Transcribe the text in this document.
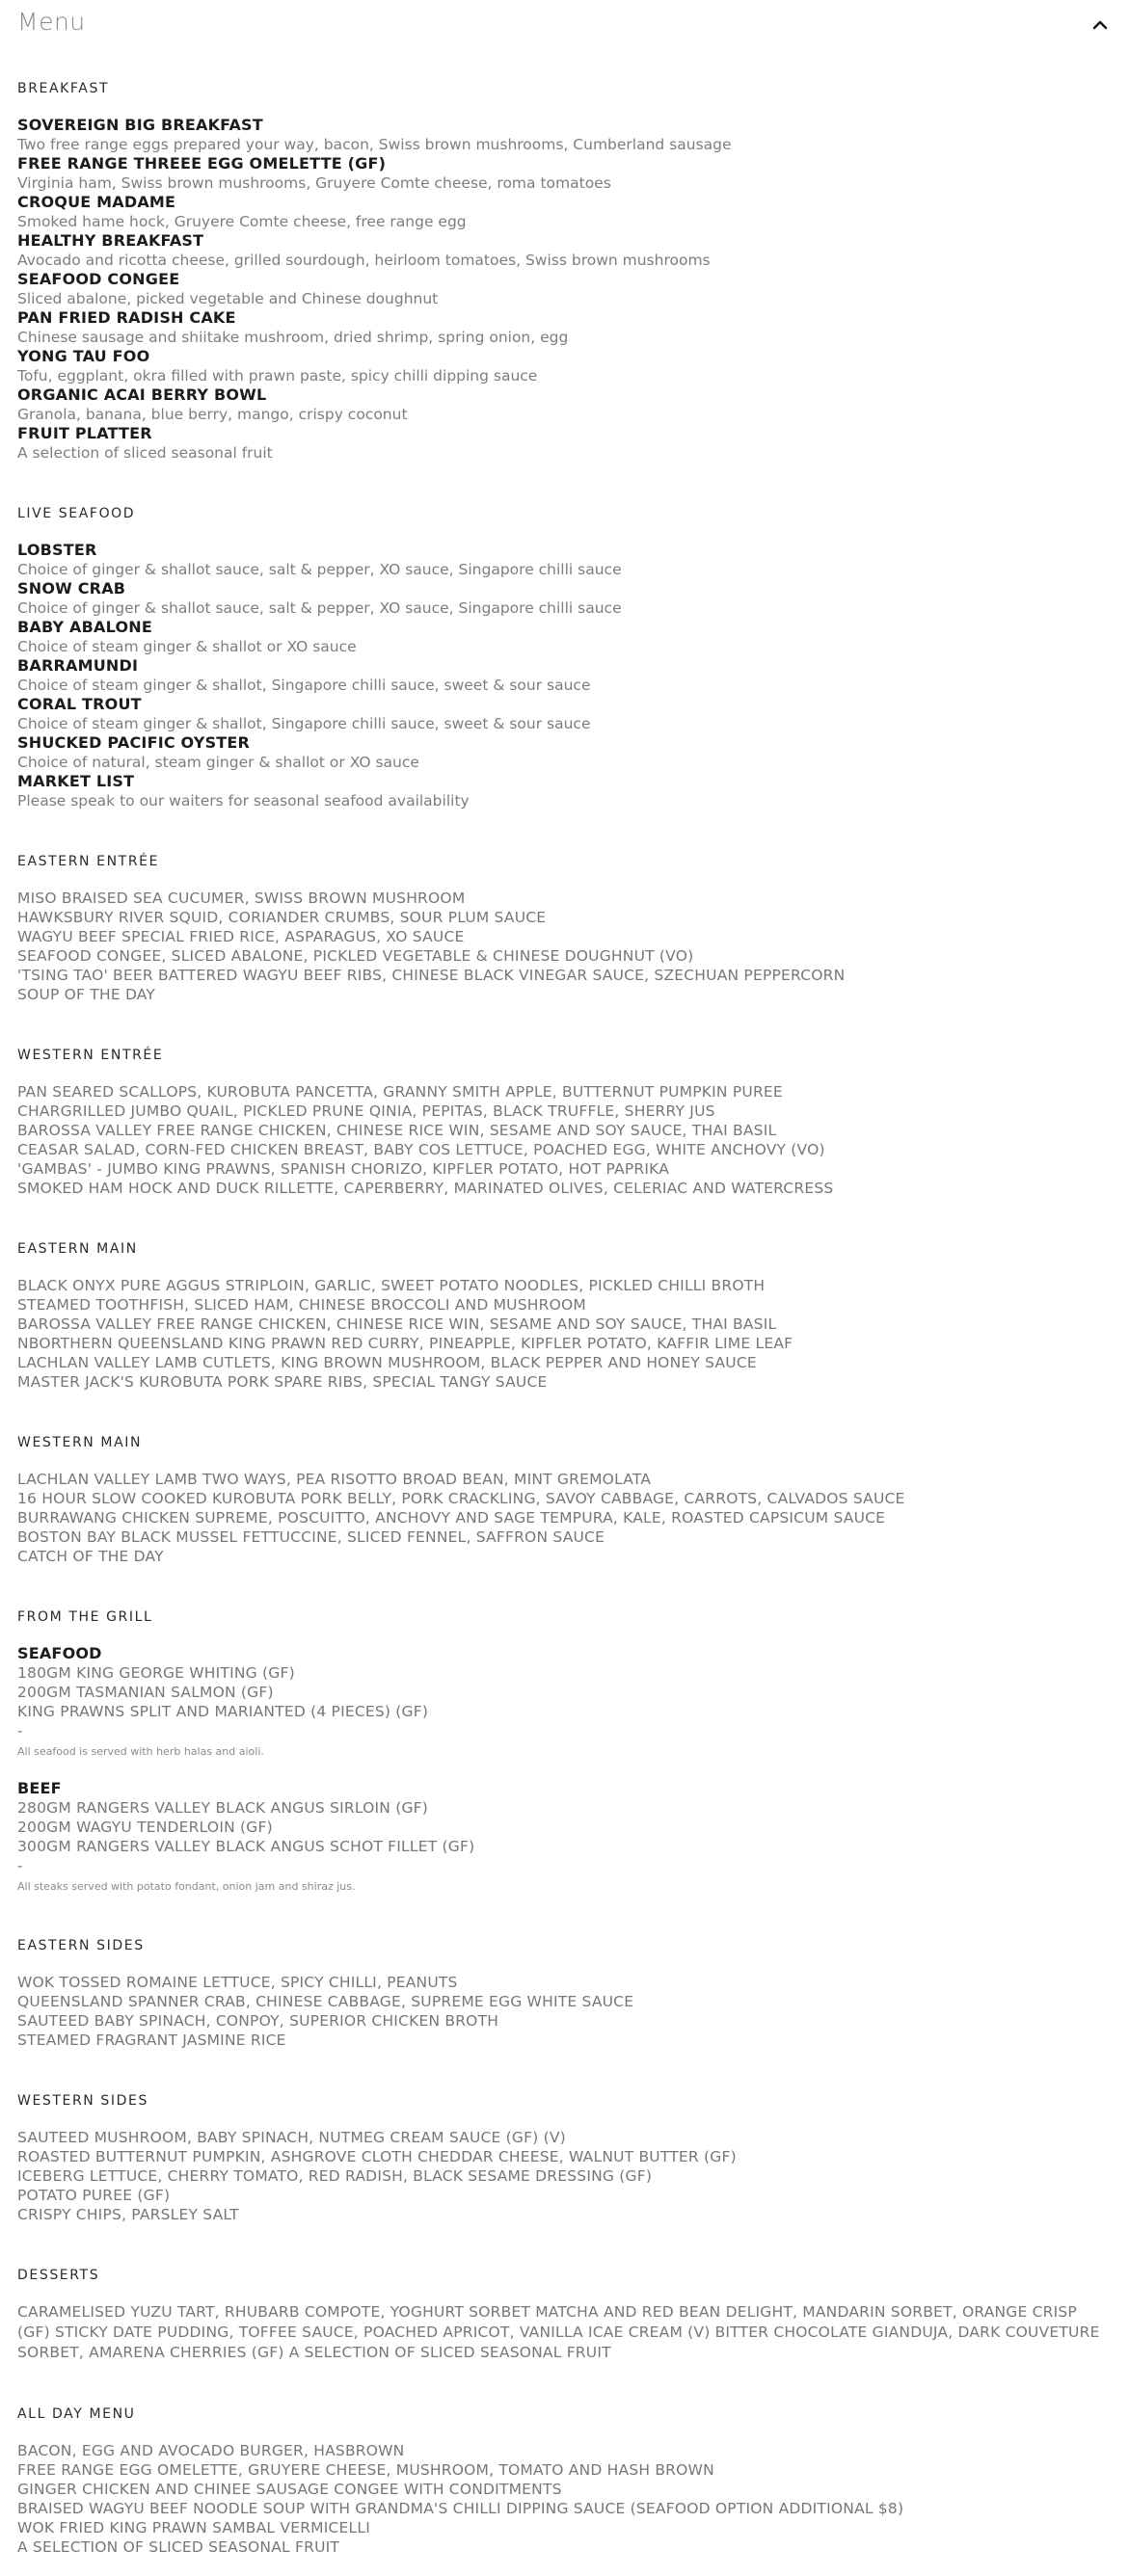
Menu
BREAKFAST
SOVEREIGN BIG BREAKFAST
Two free range eggs prepared your way, bacon, Swiss brown mushrooms, Cumberland sausage
FREE RANGE THREEE EGG OMELETTE (GF)
Virginia ham, Swiss brown mushrooms, Gruyere Comte cheese, roma tomatoes
CROQUE MADAME
Smoked hame hock, Gruyere Comte cheese, free range egg
HEALTHY BREAKFAST
Avocado and ricotta cheese, grilled sourdough, heirloom tomatoes, Swiss brown mushrooms
SEAFOOD CONGEE
Sliced abalone, picked vegetable and Chinese doughnut
PAN FRIED RADISH CAKE
Chinese sausage and shiitake mushroom, dried shrimp, spring onion, egg
YONG TAU FOO
Tofu, eggplant, okra filled with prawn paste, spicy chilli dipping sauce
ORGANIC ACAI BERRY BOWL
Granola, banana, blue berry, mango, crispy coconut
FRUIT PLATTER
A selection of sliced seasonal fruit
LIVE SEAFOOD
LOBSTER
Choice of ginger & shallot sauce, salt & pepper, XO sauce, Singapore chilli sauce
SNOW CRAB
Choice of ginger & shallot sauce, salt & pepper, XO sauce, Singapore chilli sauce
BABY ABALONE
Choice of steam ginger & shallot or XO sauce
BARRAMUNDI
Choice of steam ginger & shallot, Singapore chilli sauce, sweet & sour sauce
CORAL TROUT
Choice of steam ginger & shallot, Singapore chilli sauce, sweet & sour sauce
SHUCKED PACIFIC OYSTER
Choice of natural, steam ginger & shallot or XO sauce
MARKET LIST
Please speak to our waiters for seasonal seafood availability
EASTERN ENTRÉE
MISO BRAISED SEA CUCUMER, SWISS BROWN MUSHROOM
HAWKSBURY RIVER SQUID, CORIANDER CRUMBS, SOUR PLUM SAUCE
WAGYU BEEF SPECIAL FRIED RICE, ASPARAGUS, XO SAUCE
SEAFOOD CONGEE, SLICED ABALONE, PICKLED VEGETABLE & CHINESE DOUGHNUT (VO)
'TSING TAO' BEER BATTERED WAGYU BEEF RIBS, CHINESE BLACK VINEGAR SAUCE, SZECHUAN PEPPERCORN
SOUP OF THE DAY
WESTERN ENTRÉE
PAN SEARED SCALLOPS, KUROBUTA PANCETTA, GRANNY SMITH APPLE, BUTTERNUT PUMPKIN PUREE
CHARGRILLED JUMBO QUAIL, PICKLED PRUNE QINIA, PEPITAS, BLACK TRUFFLE, SHERRY JUS
BAROSSA VALLEY FREE RANGE CHICKEN, CHINESE RICE WIN, SESAME AND SOY SAUCE, THAI BASIL
CEASAR SALAD, CORN-FED CHICKEN BREAST, BABY COS LETTUCE, POACHED EGG, WHITE ANCHOVY (VO)
'GAMBAS' - JUMBO KING PRAWNS, SPANISH CHORIZO, KIPFLER POTATO, HOT PAPRIKA
SMOKED HAM HOCK AND DUCK RILLETTE, CAPERBERRY, MARINATED OLIVES, CELERIAC AND WATERCRESS
EASTERN MAIN
BLACK ONYX PURE AGGUS STRIPLOIN, GARLIC, SWEET POTATO NOODLES, PICKLED CHILLI BROTH
STEAMED TOOTHFISH, SLICED HAM, CHINESE BROCCOLI AND MUSHROOM
BAROSSA VALLEY FREE RANGE CHICKEN, CHINESE RICE WIN, SESAME AND SOY SAUCE, THAI BASIL
NBORTHERN QUEENSLAND KING PRAWN RED CURRY, PINEAPPLE, KIPFLER POTATO, KAFFIR LIME LEAF
LACHLAN VALLEY LAMB CUTLETS, KING BROWN MUSHROOM, BLACK PEPPER AND HONEY SAUCE
MASTER JACK'S KUROBUTA PORK SPARE RIBS, SPECIAL TANGY SAUCE
WESTERN MAIN
LACHLAN VALLEY LAMB TWO WAYS, PEA RISOTTO BROAD BEAN, MINT GREMOLATA
16 HOUR SLOW COOKED KUROBUTA PORK BELLY, PORK CRACKLING, SAVOY CABBAGE, CARROTS, CALVADOS SAUCE
BURRAWANG CHICKEN SUPREME, POSCUITTO, ANCHOVY AND SAGE TEMPURA, KALE, ROASTED CAPSICUM SAUCE
BOSTON BAY BLACK MUSSEL FETTUCCINE, SLICED FENNEL, SAFFRON SAUCE
CATCH OF THE DAY
FROM THE GRILL
SEAFOOD
180GM KING GEORGE WHITING (GF)
200GM TASMANIAN SALMON (GF)
KING PRAWNS SPLIT AND MARIANTED (4 PIECES) (GF)
-
All seafood is served with herb halas and aioli.
BEEF
280GM RANGERS VALLEY BLACK ANGUS SIRLOIN (GF)
200GM WAGYU TENDERLOIN (GF)
300GM RANGERS VALLEY BLACK ANGUS SCHOT FILLET (GF)
-
All steaks served with potato fondant, onion jam and shiraz jus.
EASTERN SIDES
WOK TOSSED ROMAINE LETTUCE, SPICY CHILLI, PEANUTS
QUEENSLAND SPANNER CRAB, CHINESE CABBAGE, SUPREME EGG WHITE SAUCE
SAUTEED BABY SPINACH, CONPOY, SUPERIOR CHICKEN BROTH
STEAMED FRAGRANT JASMINE RICE
WESTERN SIDES
SAUTEED MUSHROOM, BABY SPINACH, NUTMEG CREAM SAUCE (GF) (V)
ROASTED BUTTERNUT PUMPKIN, ASHGROVE CLOTH CHEDDAR CHEESE, WALNUT BUTTER (GF)
ICEBERG LETTUCE, CHERRY TOMATO, RED RADISH, BLACK SESAME DRESSING (GF)
POTATO PUREE (GF)
CRISPY CHIPS, PARSLEY SALT
DESSERTS
CARAMELISED YUZU TART, RHUBARB COMPOTE, YOGHURT SORBET MATCHA AND RED BEAN DELIGHT, MANDARIN SORBET, ORANGE CRISP (GF) STICKY DATE PUDDING, TOFFEE SAUCE, POACHED APRICOT, VANILLA ICAE CREAM (V) BITTER CHOCOLATE GIANDUJA, DARK COUVETURE SORBET, AMARENA CHERRIES (GF) A SELECTION OF SLICED SEASONAL FRUIT
ALL DAY MENU
BACON, EGG AND AVOCADO BURGER, HASBROWN
FREE RANGE EGG OMELETTE, GRUYERE CHEESE, MUSHROOM, TOMATO AND HASH BROWN
GINGER CHICKEN AND CHINEE SAUSAGE CONGEE WITH CONDITMENTS
BRAISED WAGYU BEEF NOODLE SOUP WITH GRANDMA'S CHILLI DIPPING SAUCE (SEAFOOD OPTION ADDITIONAL $8)
WOK FRIED KING PRAWN SAMBAL VERMICELLI
A SELECTION OF SLICED SEASONAL FRUIT
